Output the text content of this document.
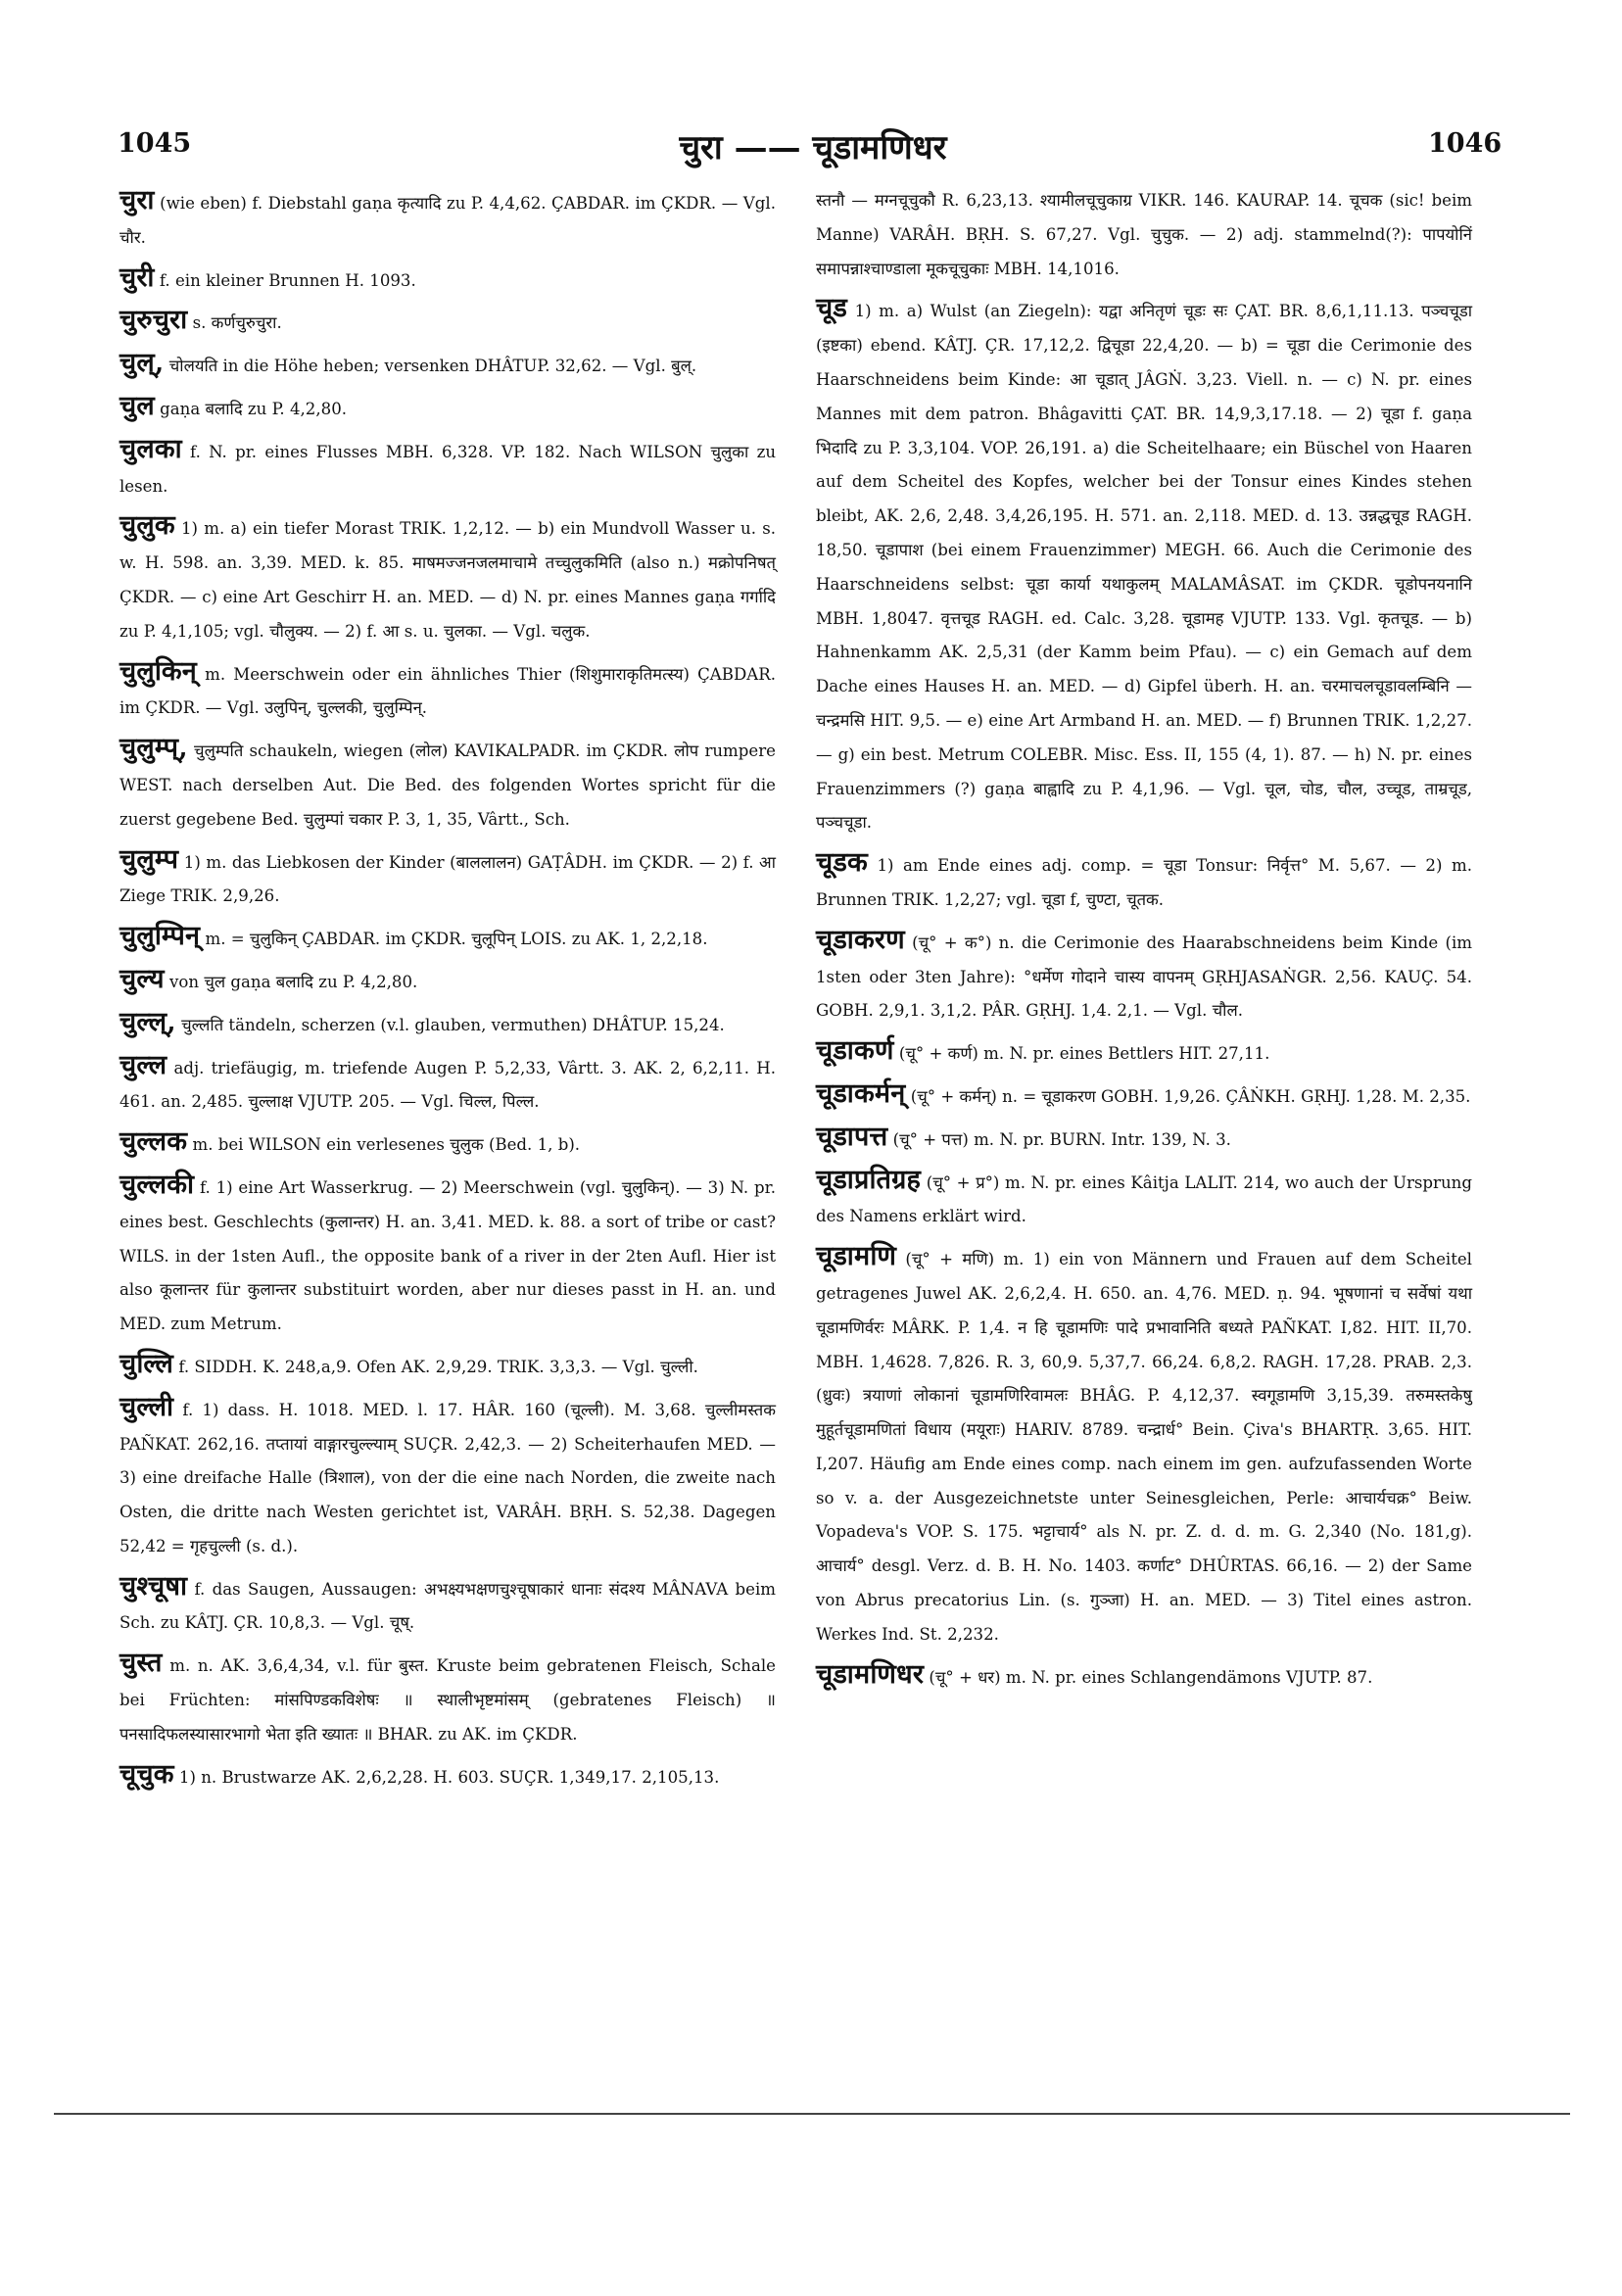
1045	चुरा —— चूडामणिधर	1046

चुरा (wie eben) f. Diebstahl gaṇa कृत्यादि zu P. 4,4,62. ÇABDAR. im ÇKDR. — Vgl. चौर.

चुरी f. ein kleiner Brunnen H. 1093.

चुरुचुरा s. कर्णचुरुचुरा.

चुल्, चोलयति in die Höhe heben; versenken DHÂTUP. 32,62. — Vgl. बुल्.

चुल gaṇa बलादि zu P. 4,2,80.

चुलका f. N. pr. eines Flusses MBH. 6,328. VP. 182. Nach WILSON चुलुका zu lesen.

चुलुक 1) m. a) ein tiefer Morast TRIK. 1,2,12. — b) ein Mundvoll Wasser u. s. w. H. 598. an. 3,39. MED. k. 85. माषमज्जनजलमाचामे तच्चुलुकमिति (also n.) मक्रोपनिषत् ÇKDR. — c) eine Art Geschirr H. an. MED. — d) N. pr. eines Mannes gaṇa गर्गादि zu P. 4,1,105; vgl. चौलुक्य. — 2) f. आ s. u. चुलका. — Vgl. चलुक.

चुलुकिन् m. Meerschwein oder ein ähnliches Thier (शिशुमाराकृतिमत्स्य) ÇABDAR. im ÇKDR. — Vgl. उलुपिन्, चुल्लकी, चुलुम्पिन्.

चुलुम्प्, चुलुम्पति schaukeln, wiegen (लोल) KAVIKALPADR. im ÇKDR. लोप rumpere WEST. nach derselben Aut. Die Bed. des folgenden Wortes spricht für die zuerst gegebene Bed. चुलुम्पां चकार P. 3, 1, 35, Vârtt., Sch.

चुलुम्प 1) m. das Liebkosen der Kinder (बाललालन) GAṬÂDH. im ÇKDR. — 2) f. आ Ziege TRIK. 2,9,26.

चुलुम्पिन् m. = चुलुकिन् ÇABDAR. im ÇKDR. चुलूपिन् LOIS. zu AK. 1, 2,2,18.

चुल्य von चुल gaṇa बलादि zu P. 4,2,80.

चुल्ल्, चुल्लति tändeln, scherzen (v.l. glauben, vermuthen) DHÂTUP. 15,24.

चुल्ल adj. triefäugig, m. triefende Augen P. 5,2,33, Vârtt. 3. AK. 2, 6,2,11. H. 461. an. 2,485. चुल्लाक्ष VJUTP. 205. — Vgl. चिल्ल, पिल्ल.

चुल्लक m. bei WILSON ein verlesenes चुलुक (Bed. 1, b).

चुल्लकी f. 1) eine Art Wasserkrug. — 2) Meerschwein (vgl. चुलुकिन्). — 3) N. pr. eines best. Geschlechts (कुलान्तर) H. an. 3,41. MED. k. 88. a sort of tribe or cast? WILS. in der 1sten Aufl., the opposite bank of a river in der 2ten Aufl. Hier ist also कूलान्तर für कुलान्तर substituirt worden, aber nur dieses passt in H. an. und MED. zum Metrum.

चुल्लि f. SIDDH. K. 248,a,9. Ofen AK. 2,9,29. TRIK. 3,3,3. — Vgl. चुल्ली.

चुल्ली f. 1) dass. H. 1018. MED. l. 17. HÂR. 160 (चूल्ली). M. 3,68. चुल्लीमस्तक PAÑKAT. 262,16. तप्तायां वाङ्गारचुल्ल्याम् SUÇR. 2,42,3. — 2) Scheiterhaufen MED. — 3) eine dreifache Halle (त्रिशाल), von der die eine nach Norden, die zweite nach Osten, die dritte nach Westen gerichtet ist, VARÂH. BṚH. S. 52,38. Dagegen 52,42 = गृहचुल्ली (s. d.).

चुश्चूषा f. das Saugen, Aussaugen: अभक्ष्यभक्षणचुश्चूषाकारं धानाः संदश्य MÂNAVA beim Sch. zu KÂTJ. ÇR. 10,8,3. — Vgl. चूष्.

चुस्त m. n. AK. 3,6,4,34, v.l. für बुस्त. Kruste beim gebratenen Fleisch, Schale bei Früchten: मांसपिण्डकविशेषः ॥ स्थालीभृष्टमांसम् (gebratenes Fleisch) ॥ पनसादिफलस्यासारभागो भेता इति ख्यातः ॥ BHAR. zu AK. im ÇKDR.

चूचुक 1) n. Brustwarze AK. 2,6,2,28. H. 603. SUÇR. 1,349,17. 2,105,13.

स्तनौ — मग्नचूचुकौ R. 6,23,13. श्यामीलचूचुकाग्र VIKR. 146. KAURAP. 14. चूचक (sic! beim Manne) VARÂH. BṚH. S. 67,27. Vgl. चुचुक. — 2) adj. stammelnd(?): पापयोनिं समापन्नाश्चाण्डाला मूकचूचुकाः MBH. 14,1016.

चूड 1) m. a) Wulst (an Ziegeln): यद्वा अनितृणं चूडः सः ÇAT. BR. 8,6,1,11.13. पञ्चचूडा (इष्टका) ebend. KÂTJ. ÇR. 17,12,2. द्विचूडा 22,4,20. — b) = चूडा die Cerimonie des Haarschneidens beim Kinde: आ चूडात् JÂGṄ. 3,23. Viell. n. — c) N. pr. eines Mannes mit dem patron. Bhâgavitti ÇAT. BR. 14,9,3,17.18. — 2) चूडा f. gaṇa भिदादि zu P. 3,3,104. VOP. 26,191. a) die Scheitelhaare; ein Büschel von Haaren auf dem Scheitel des Kopfes, welcher bei der Tonsur eines Kindes stehen bleibt, AK. 2,6, 2,48. 3,4,26,195. H. 571. an. 2,118. MED. d. 13. उन्नद्धचूड RAGH. 18,50. चूडापाश (bei einem Frauenzimmer) MEGH. 66. Auch die Cerimonie des Haarschneidens selbst: चूडा कार्या यथाकुलम् MALAMÂSAT. im ÇKDR. चूडोपनयनानि MBH. 1,8047. वृत्तचूड RAGH. ed. Calc. 3,28. चूडामह VJUTP. 133. Vgl. कृतचूड. — b) Hahnenkamm AK. 2,5,31 (der Kamm beim Pfau). — c) ein Gemach auf dem Dache eines Hauses H. an. MED. — d) Gipfel überh. H. an. चरमाचलचूडावलम्बिनि — चन्द्रमसि HIT. 9,5. — e) eine Art Armband H. an. MED. — f) Brunnen TRIK. 1,2,27. — g) ein best. Metrum COLEBR. Misc. Ess. II, 155 (4, 1). 87. — h) N. pr. eines Frauenzimmers (?) gaṇa बाह्वादि zu P. 4,1,96. — Vgl. चूल, चोड, चौल, उच्चूड, ताम्रचूड, पञ्चचूडा.

चूडक 1) am Ende eines adj. comp. = चूडा Tonsur: निर्वृत्त° M. 5,67. — 2) m. Brunnen TRIK. 1,2,27; vgl. चूडा f, चुण्टा, चूतक.

चूडाकरण (चू° + क°) n. die Cerimonie des Haarabschneidens beim Kinde (im 1sten oder 3ten Jahre): °धर्मेण गोदाने चास्य वापनम् GṚHJASAṄGR. 2,56. KAUÇ. 54. GOBH. 2,9,1. 3,1,2. PÂR. GṚHJ. 1,4. 2,1. — Vgl. चौल.

चूडाकर्ण (चू° + कर्ण) m. N. pr. eines Bettlers HIT. 27,11.

चूडाकर्मन् (चू° + कर्मन्) n. = चूडाकरण GOBH. 1,9,26. ÇÂṄKH. GṚHJ. 1,28. M. 2,35.

चूडापत्त (चू° + पत्त) m. N. pr. BURN. Intr. 139, N. 3.

चूडाप्रतिग्रह (चू° + प्र°) m. N. pr. eines Kâitja LALIT. 214, wo auch der Ursprung des Namens erklärt wird.

चूडामणि (चू° + मणि) m. 1) ein von Männern und Frauen auf dem Scheitel getragenes Juwel AK. 2,6,2,4. H. 650. an. 4,76. MED. ṇ. 94. भूषणानां च सर्वेषां यथा चूडामणिर्वरः MÂRK. P. 1,4. न हि चूडामणिः पादे प्रभावानिति बध्यते PAÑKAT. I,82. HIT. II,70. MBH. 1,4628. 7,826. R. 3, 60,9. 5,37,7. 66,24. 6,8,2. RAGH. 17,28. PRAB. 2,3. (ध्रुवः) त्रयाणां लोकानां चूडामणिरिवामलः BHÂG. P. 4,12,37. स्वगूडामणि 3,15,39. तरुमस्तकेषु मुहूर्तचूडामणितां विधाय (मयूराः) HARIV. 8789. चन्द्रार्ध° Bein. Çiva's BHARTṚ. 3,65. HIT. I,207. Häufig am Ende eines comp. nach einem im gen. aufzufassenden Worte so v. a. der Ausgezeichnetste unter Seinesgleichen, Perle: आचार्यचक्र° Beiw. Vopadeva's VOP. S. 175. भट्टाचार्य° als N. pr. Z. d. d. m. G. 2,340 (No. 181,g). आचार्य° desgl. Verz. d. B. H. No. 1403. कर्णाट° DHÛRTAS. 66,16. — 2) der Same von Abrus precatorius Lin. (s. गुञ्जा) H. an. MED. — 3) Titel eines astron. Werkes Ind. St. 2,232.

चूडामणिधर (चू° + धर) m. N. pr. eines Schlangendämons VJUTP. 87.
